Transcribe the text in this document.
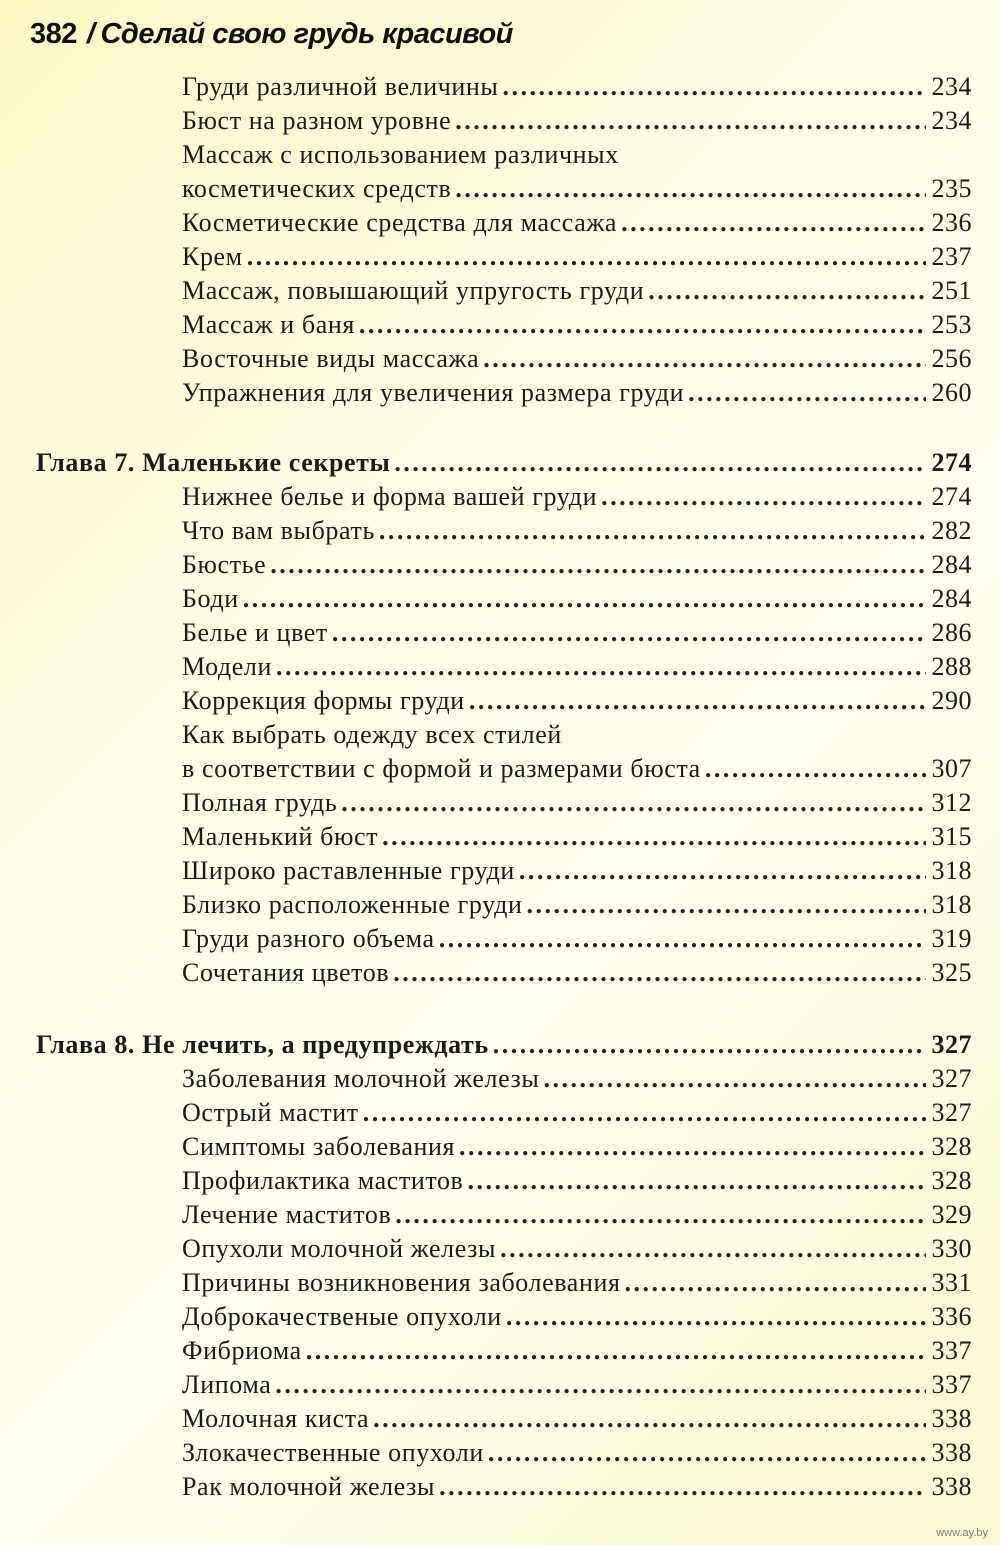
382 / Сделай свою грудь красивой
Груди различной величины . . .	234
Бюст на разном уровне . . .	234
Массаж с использованием различных
косметических средств . . .	235
Косметические средства для массажа . . .	236
Крем . . .	237
Массаж, повышающий упругость груди . . .	251
Массаж и баня . . .	253
Восточные виды массажа . . .	256
Упражнения для увеличения размера груди . . .	260
Глава 7. Маленькие секреты . . .	274
Нижнее белье и форма вашей груди . . .	274
Что вам выбрать . . .	282
Бюстье . . .	284
Боди . . .	284
Белье и цвет . . .	286
Модели . . .	288
Коррекция формы груди . . .	290
Как выбрать одежду всех стилей
в соответствии с формой и размерами бюста . . .	307
Полная грудь . . .	312
Маленький бюст . . .	315
Широко раставленные груди . . .	318
Близко расположенные груди . . .	318
Груди разного объема . . .	319
Сочетания цветов . . .	325
Глава 8. Не лечить, а предупреждать . . .	327
Заболевания молочной железы . . .	327
Острый мастит . . .	327
Симптомы заболевания . . .	328
Профилактика маститов . . .	328
Лечение маститов . . .	329
Опухоли молочной железы . . .	330
Причины возникновения заболевания . . .	331
Доброкачественые опухоли . . .	336
Фибриома . . .	337
Липома . . .	337
Молочная киста . . .	338
Злокачественные опухоли . . .	338
Рак молочной железы . . .	338
www.ay.by
